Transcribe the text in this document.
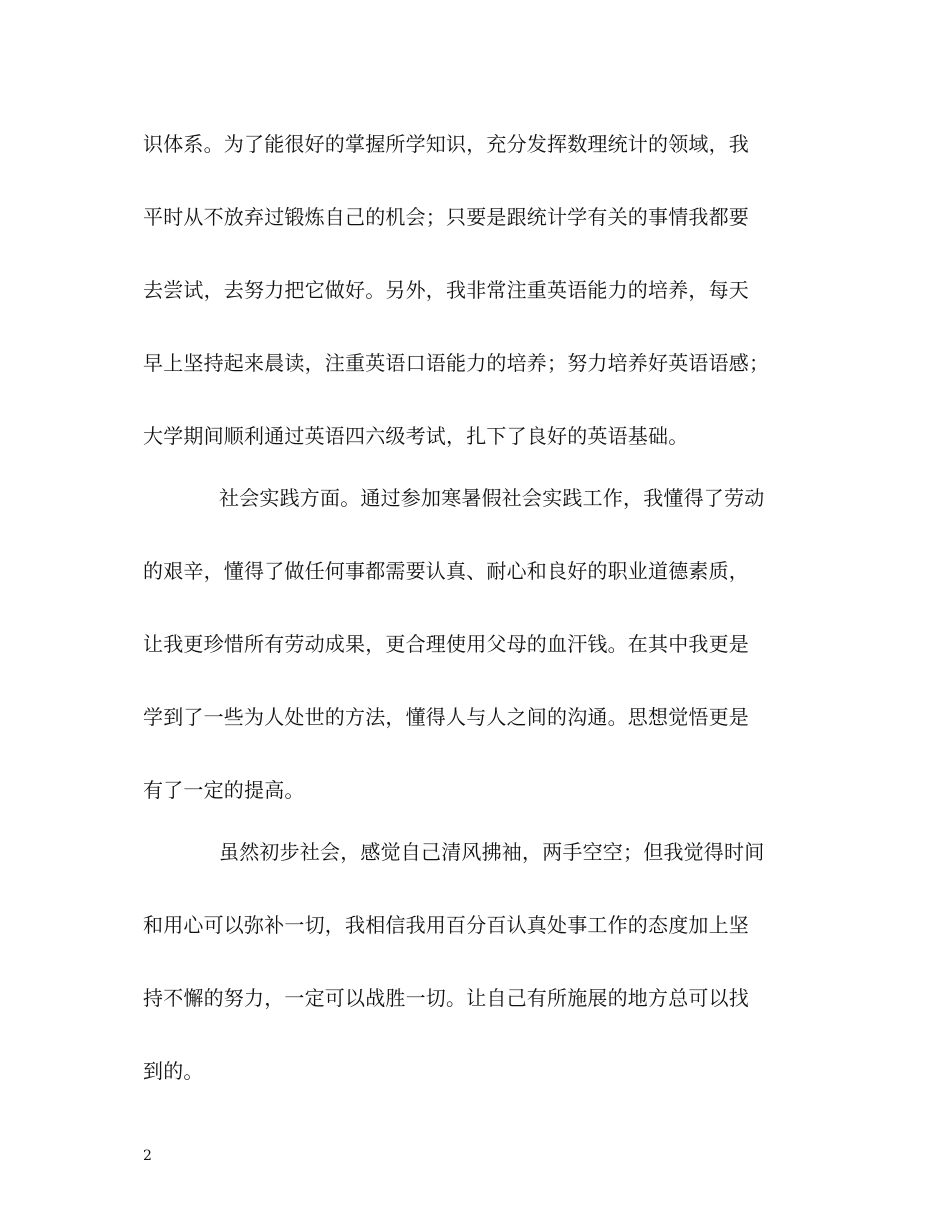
识体系。为了能很好的掌握所学知识，充分发挥数理统计的领域，我
平时从不放弃过锻炼自己的机会；只要是跟统计学有关的事情我都要
去尝试，去努力把它做好。另外，我非常注重英语能力的培养，每天
早上坚持起来晨读，注重英语口语能力的培养；努力培养好英语语感；
大学期间顺利通过英语四六级考试，扎下了良好的英语基础。
社会实践方面。通过参加寒暑假社会实践工作，我懂得了劳动
的艰辛，懂得了做任何事都需要认真、耐心和良好的职业道德素质，
让我更珍惜所有劳动成果，更合理使用父母的血汗钱。在其中我更是
学到了一些为人处世的方法，懂得人与人之间的沟通。思想觉悟更是
有了一定的提高。
虽然初步社会，感觉自己清风拂袖，两手空空；但我觉得时间
和用心可以弥补一切，我相信我用百分百认真处事工作的态度加上坚
持不懈的努力，一定可以战胜一切。让自己有所施展的地方总可以找
到的。
2
